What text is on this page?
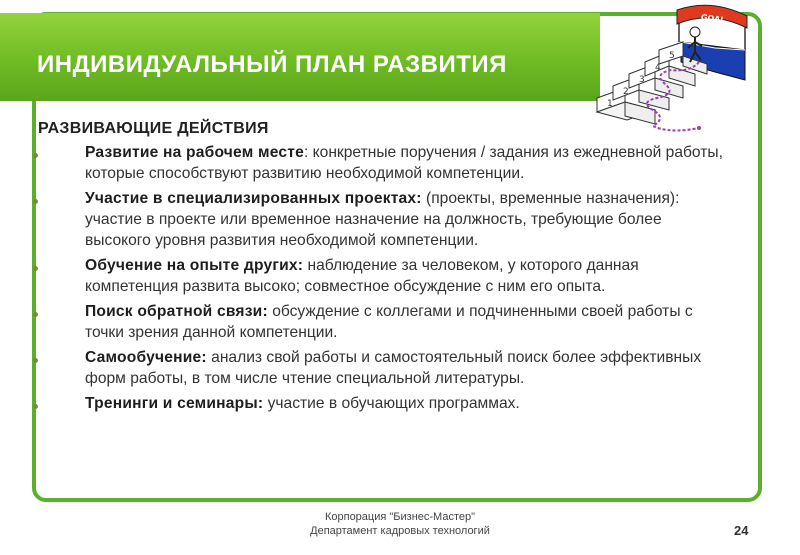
ИНДИВИДУАЛЬНЫЙ ПЛАН РАЗВИТИЯ
GOAL
1
2
3
4
5
РАЗВИВАЮЩИЕ ДЕЙСТВИЯ
Развитие на рабочем месте: конкретные поручения / задания из ежедневной работы, которые способствуют развитию необходимой компетенции.
Участие в специализированных проектах: (проекты, временные назначения): участие в проекте или временное назначение на должность, требующие более высокого уровня развития необходимой компетенции.
Обучение на опыте других: наблюдение за человеком, у которого данная компетенция развита высоко; совместное обсуждение с ним его опыта.
Поиск обратной связи: обсуждение с коллегами и подчиненными своей работы с точки зрения данной компетенции.
Самообучение: анализ свой работы и самостоятельный поиск более эффективных форм работы, в том числе чтение специальной литературы.
Тренинги и семинары: участие в обучающих программах.
Корпорация "Бизнес-Мастер"
Департамент кадровых технологий	24
